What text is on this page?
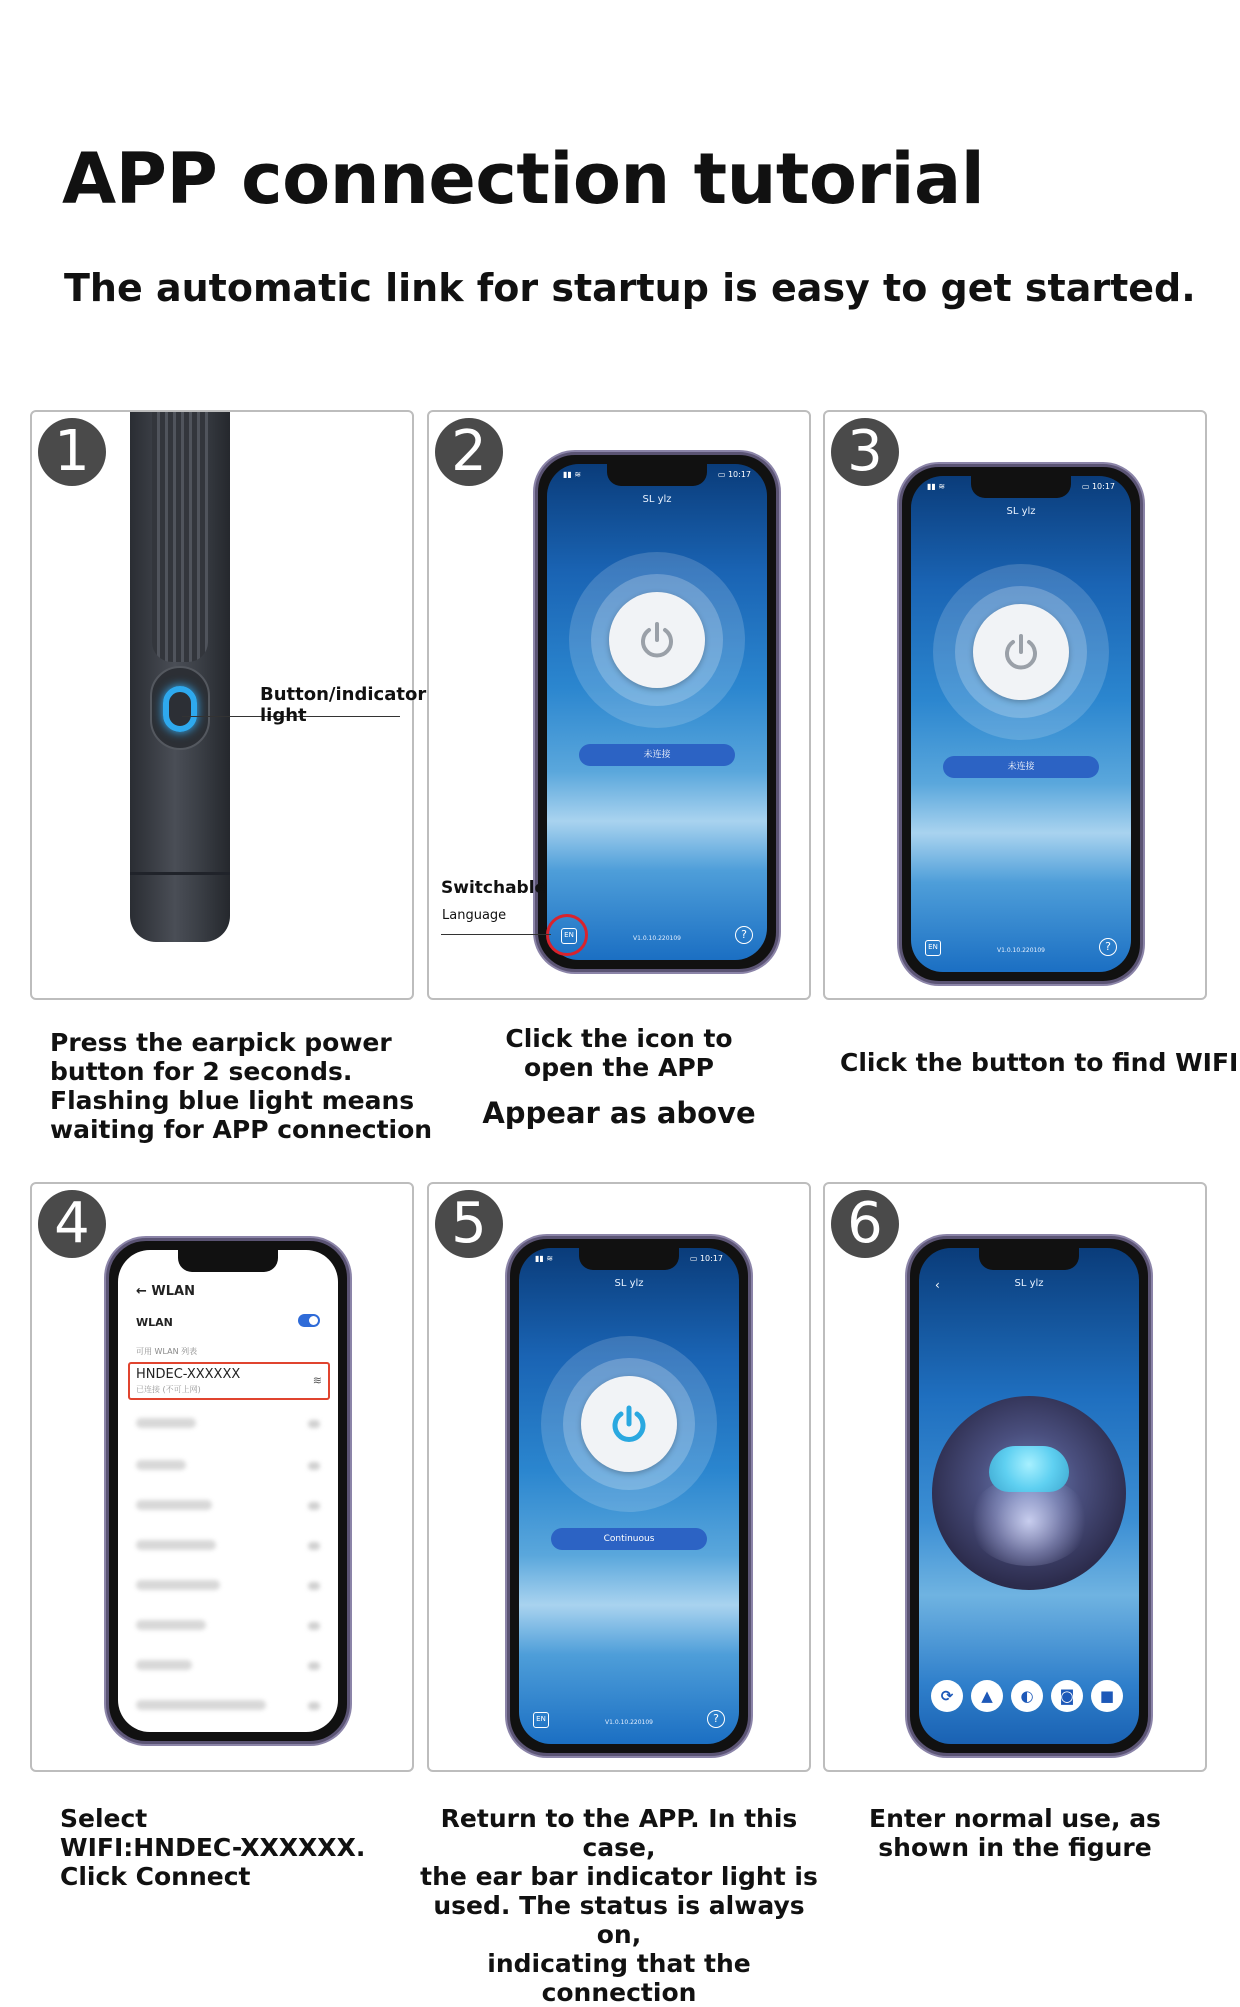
APP connection tutorial
The automatic link for startup is easy to get started.
1
Button/indicator light
Press the earpick power
button for 2 seconds.
Flashing blue light means
waiting for APP connection
2	▮▮ ≋	▭ 10:17
SL ylz
未连接
EN	V1.0.10.220109	?
Switchable
Language
Click the icon to
open the APP
Appear as above
3
▮▮ ≋	▭ 10:17
SL ylz
未连接
EN	V1.0.10.220109	?
Click the button to find WIFI
4
← WLAN
WLAN
可用 WLAN 列表
HNDEC-XXXXXX
已连接 (不可上网)
≋
Select
WIFI:HNDEC-XXXXXX.
Click Connect
5
▮▮ ≋	▭ 10:17
SL ylz
Continuous
EN	V1.0.10.220109	?
Return to the APP. In this case,
the ear bar indicator light is
used. The status is always on,
indicating that the connection
6
‹	SL ylz
⟳	▲	◐	◙	■
Enter normal use, as
shown in the figure
